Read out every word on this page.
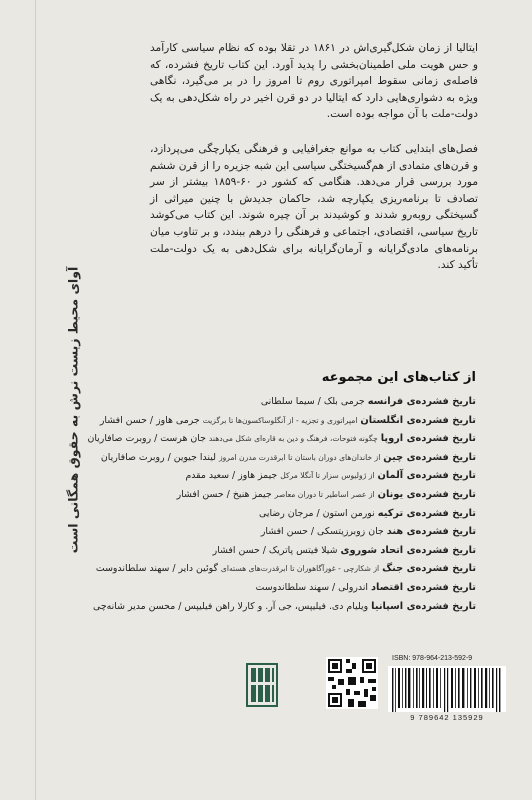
آوای محیط زیست نرش به حقوق همگانی است

ایتالیا از زمان شکل‌گیری‌اش در ۱۸۶۱ در تقلا بوده که نظام سیاسی کارآمد و حس هویت ملی اطمینان‌بخشی را پدید آورد. این کتاب تاریخ فشرده، که فاصله‌ی زمانی سقوط امپراتوری روم تا امروز را در بر می‌گیرد، نگاهی ویژه به دشواری‌هایی دارد که ایتالیا در دو قرن اخیر در راه شکل‌دهی به یک دولت-ملت با آن مواجه بوده است.

فصل‌های ابتدایی کتاب به موانع جغرافیایی و فرهنگی یکپارچگی می‌پردازد، و قرن‌های متمادی از هم‌گسیختگی سیاسی این شبه جزیره را از قرن ششم مورد بررسی قرار می‌دهد. هنگامی که کشور در ۶۰-۱۸۵۹ بیشتر از سر تصادف تا برنامه‌ریزی یکپارچه شد، حاکمان جدیدش با چنین میراثی از گسیختگی روبه‌رو شدند و کوشیدند بر آن چیره شوند. این کتاب می‌کوشد تاریخ سیاسی، اقتصادی، اجتماعی و فرهنگی را درهم ببندد، و بر تناوب میان برنامه‌های مادی‌گرایانه و آرمان‌گرایانه برای شکل‌دهی به یک دولت-ملت تأکید کند.

از کتاب‌های این مجموعه
تاریخ فشرده‌ی فرانسه جرمی بلک / سیما سلطانی
تاریخ فشرده‌ی انگلستان امپراتوری و تجزیه - از آنگلوساکسون‌ها تا برگزیت جرمی هاوز / حسن افشار
تاریخ فشرده‌ی اروپا چگونه فتوحات، فرهنگ و دین به قاره‌ای شکل می‌دهند جان هرست / روبرت صافاریان
تاریخ فشرده‌ی چین از خاندان‌های دوران باستان تا ابرقدرت مدرن امروز لیندا جیوین / روبرت صافاریان
تاریخ فشرده‌ی آلمان از ژولیوس سزار تا آنگلا مرکل جیمز هاوز / سعید مقدم
تاریخ فشرده‌ی یونان از عصر اساطیر تا دوران معاصر جیمز هنیخ / حسن افشار
تاریخ فشرده‌ی ترکیه نورمن استون / مرجان رضایی
تاریخ فشرده‌ی هند جان زوبرزیتسکی / حسن افشار
تاریخ فشرده‌ی اتحاد شوروی شیلا فیتس پاتریک / حسن افشار
تاریخ فشرده‌ی جنگ از شکارچی - غورآگاهوران تا ابرقدرت‌های هسته‌ای گوئین دایر / سهند سلطاندوست
تاریخ فشرده‌ی اقتصاد اندرولی / سهند سلطاندوست
تاریخ فشرده‌ی اسپانیا ویلیام دی. فیلیپس، جی آر. و کارلا راهن فیلیپس / محسن مدیر شانه‌چی
ISBN: 978-964-213-592-9
9 789642 135929
